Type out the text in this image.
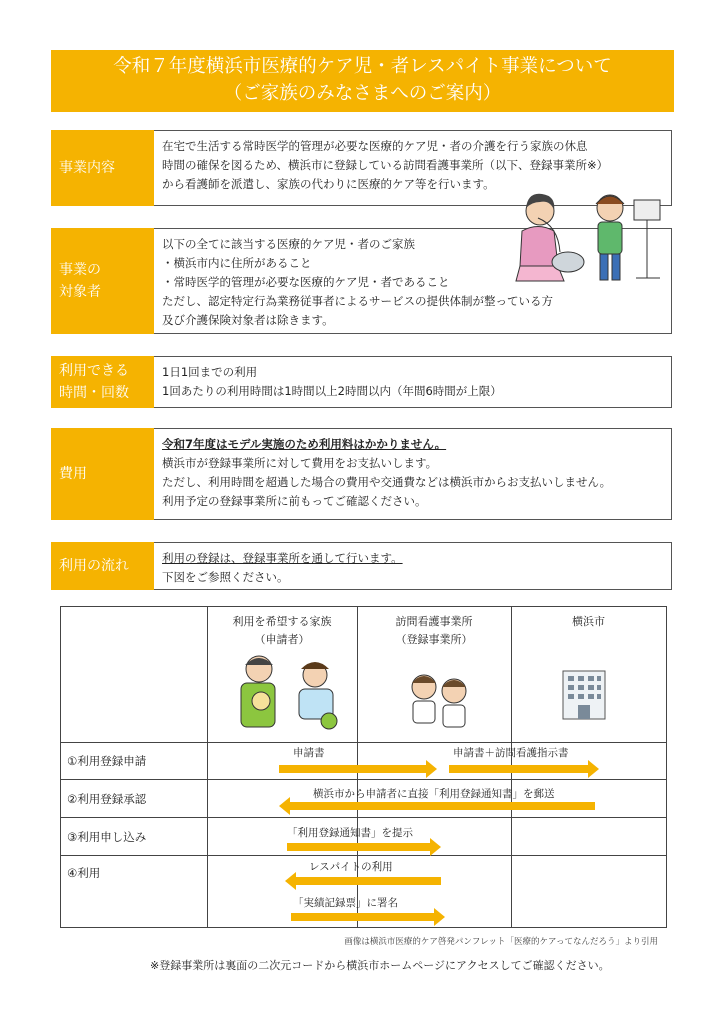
令和７年度横浜市医療的ケア児・者レスパイト事業について
（ご家族のみなさまへのご案内）
事業内容
在宅で生活する常時医学的管理が必要な医療的ケア児・者の介護を行う家族の休息
時間の確保を図るため、横浜市に登録している訪問看護事業所（以下、登録事業所※）
から看護師を派遣し、家族の代わりに医療的ケア等を行います。
事業の
対象者
以下の全てに該当する医療的ケア児・者のご家族
・横浜市内に住所があること
・常時医学的管理が必要な医療的ケア児・者であること
ただし、認定特定行為業務従事者によるサービスの提供体制が整っている方
及び介護保険対象者は除きます。
利用できる
時間・回数
1日1回までの利用
1回あたりの利用時間は1時間以上2時間以内（年間6時間が上限）
費用
令和7年度はモデル実施のため利用料はかかりません。
横浜市が登録事業所に対して費用をお支払いします。
ただし、利用時間を超過した場合の費用や交通費などは横浜市からお支払いしません。
利用予定の登録事業所に前もってご確認ください。
利用の流れ	利用の登録は、登録事業所を通して行います。
下図をご参照ください。
利用を希望する家族
（申請者）
訪問看護事業所
（登録事業所）
横浜市
①利用登録申請
②利用登録承認
③利用申し込み
④利用
申請書	申請書＋訪問看護指示書
横浜市から申請者に直接「利用登録通知書」を郵送
「利用登録通知書」を提示
レスパイトの利用
「実績記録票」に署名
画像は横浜市医療的ケア啓発パンフレット「医療的ケアってなんだろう」より引用
※登録事業所は裏面の二次元コードから横浜市ホームページにアクセスしてご確認ください。
